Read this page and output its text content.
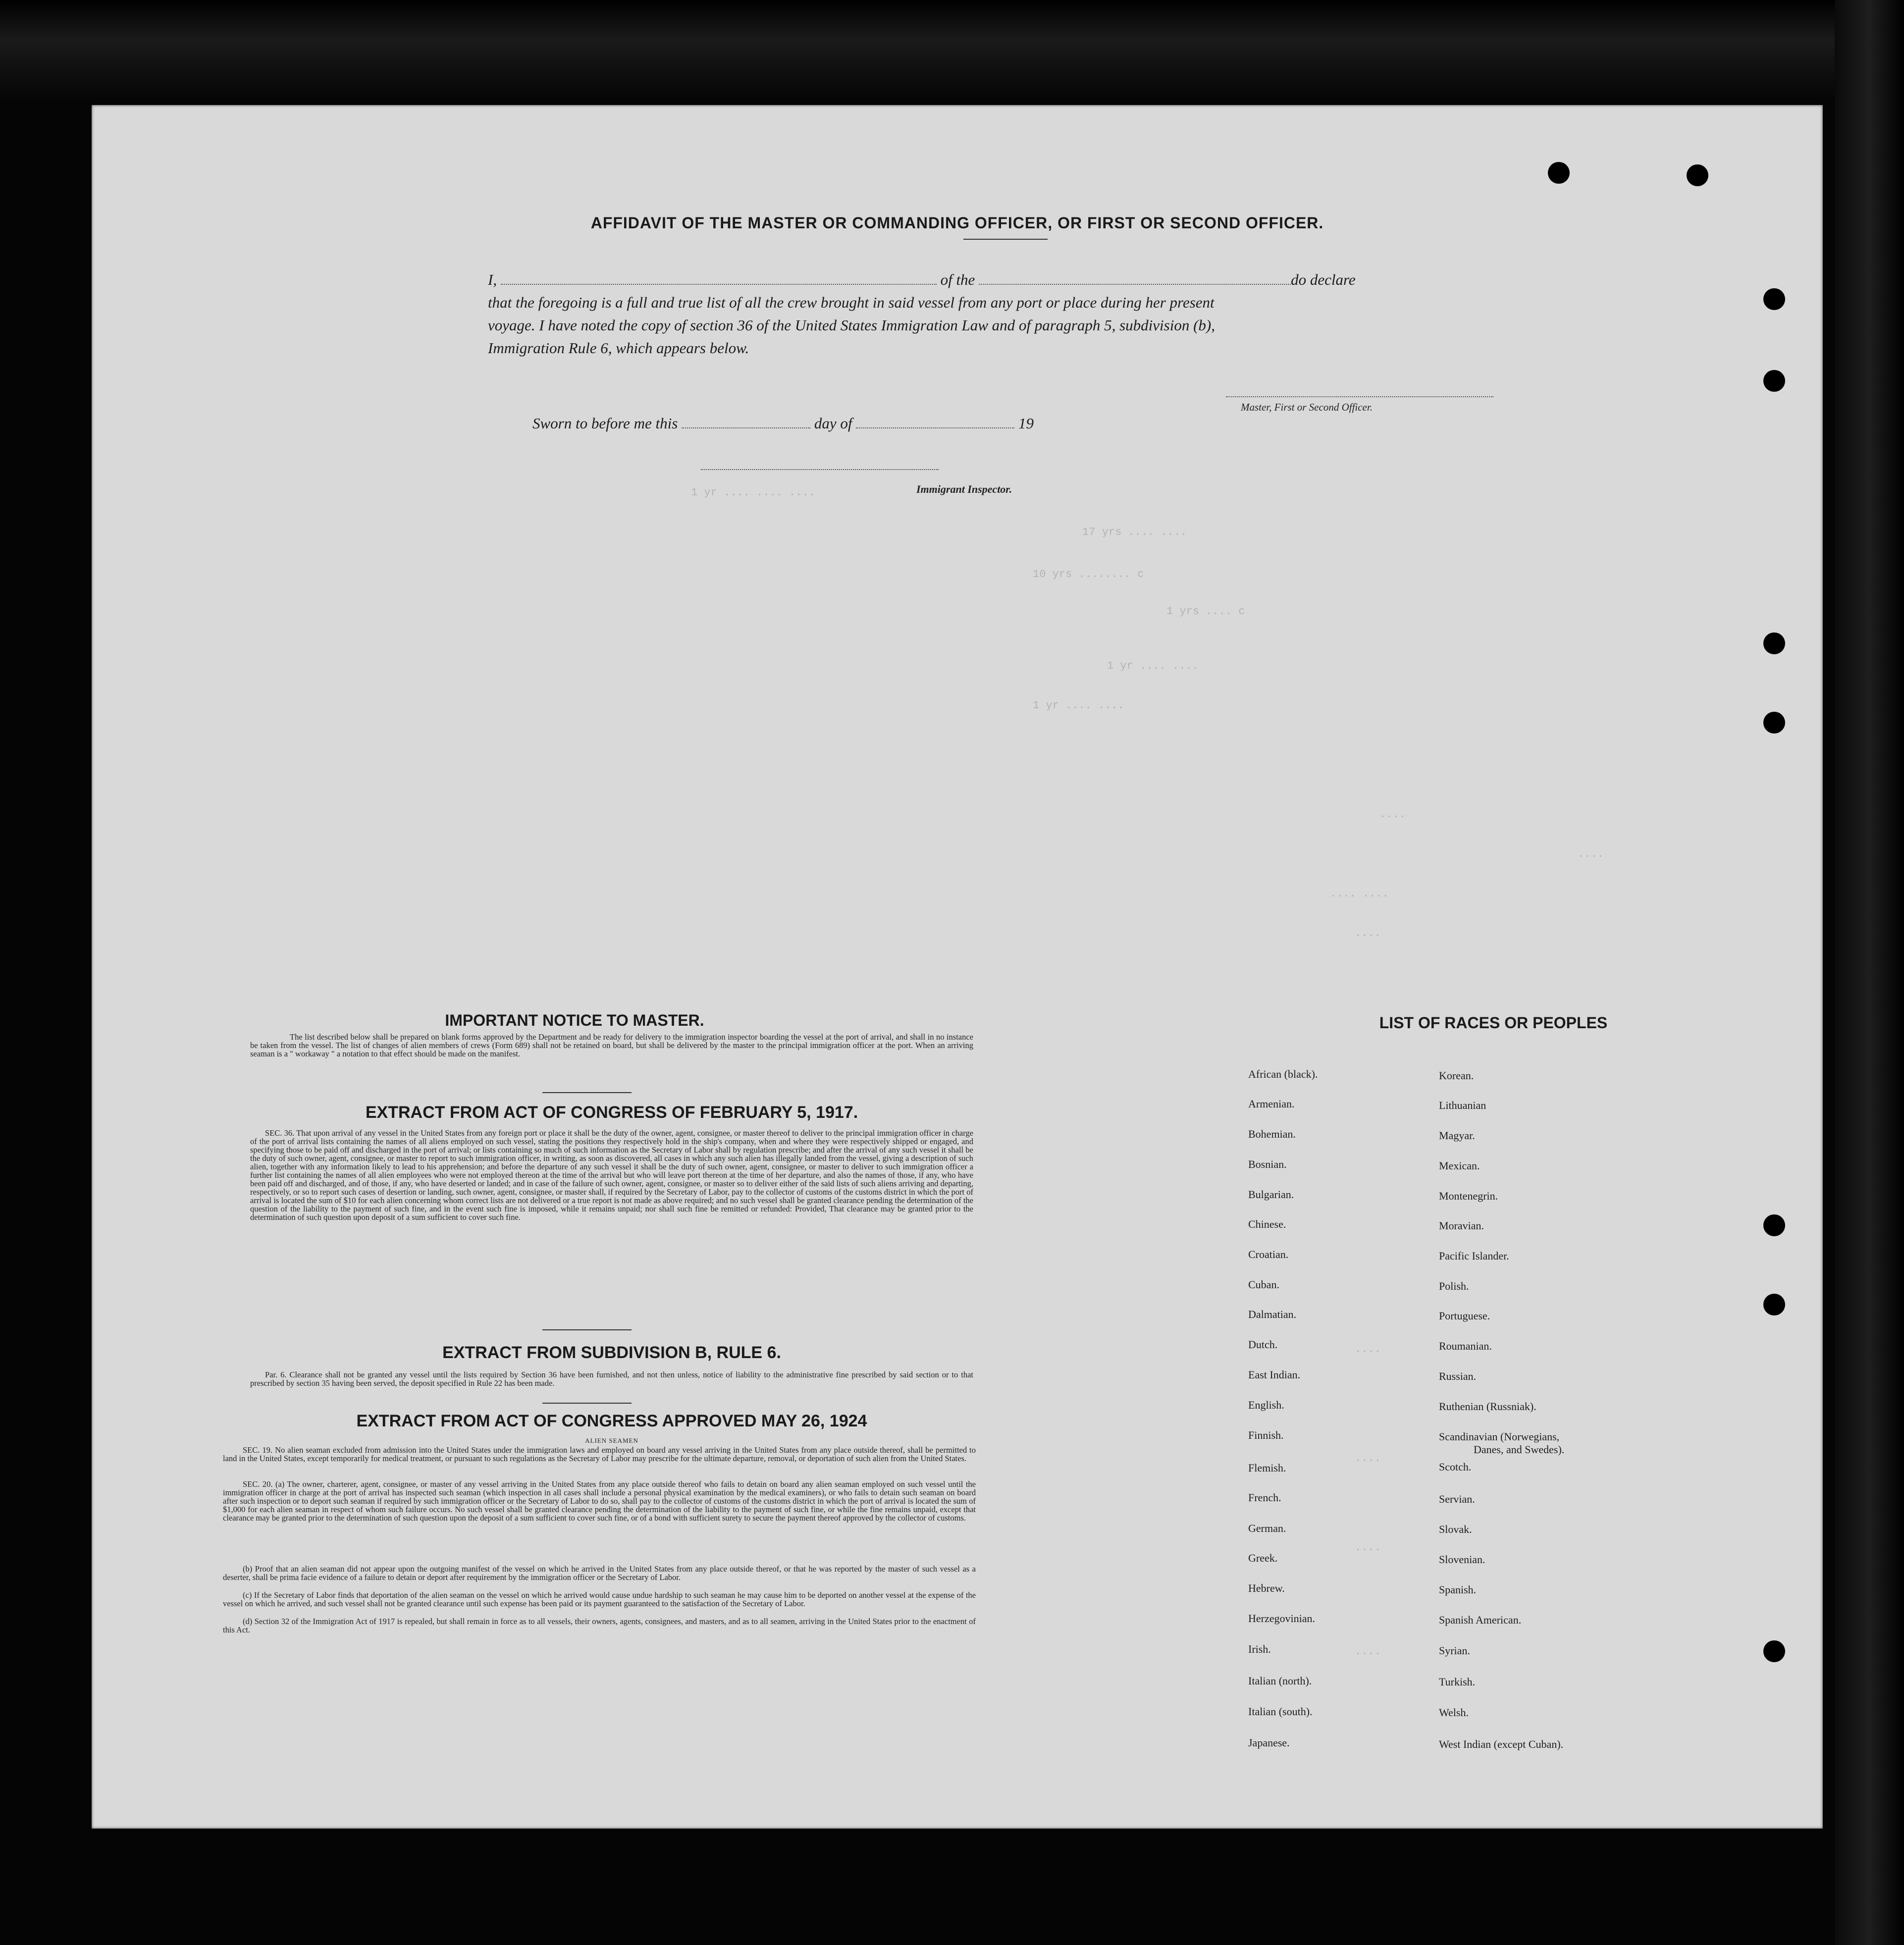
1 yr .... .... ....
17 yrs .... ....
10 yrs ........ c
1 yrs .... c
1 yr .... ....
1 yr .... ....
....
....
.... ....
....
....
....
....
....
AFFIDAVIT OF THE MASTER OR COMMANDING OFFICER, OR FIRST OR SECOND OFFICER.
I,	of the	do declare
that the foregoing is a full and true list of all the crew brought in said vessel from any port or place during her present
voyage. I have noted the copy of section 36 of the United States Immigration Law and of paragraph 5, subdivision (b),
Immigration Rule 6, which appears below.
Master, First or Second Officer.
Sworn to before me this	day of	19
Immigrant Inspector.
IMPORTANT NOTICE TO MASTER.
The list described below shall be prepared on blank forms approved by the Department and be ready for delivery to the immigration inspector boarding the vessel at the port of arrival, and shall in no instance be taken from the vessel. The list of changes of alien members of crews (Form 689) shall not be retained on board, but shall be delivered by the master to the principal immigration officer at the port. When an arriving seaman is a " workaway " a notation to that effect should be made on the manifest.
EXTRACT FROM ACT OF CONGRESS OF FEBRUARY 5, 1917.
SEC. 36. That upon arrival of any vessel in the United States from any foreign port or place it shall be the duty of the owner, agent, consignee, or master thereof to deliver to the principal immigration officer in charge of the port of arrival lists containing the names of all aliens employed on such vessel, stating the positions they respectively hold in the ship's company, when and where they were respectively shipped or engaged, and specifying those to be paid off and discharged in the port of arrival; or lists containing so much of such information as the Secretary of Labor shall by regulation prescribe; and after the arrival of any such vessel it shall be the duty of such owner, agent, consignee, or master to report to such immigration officer, in writing, as soon as discovered, all cases in which any such alien has illegally landed from the vessel, giving a description of such alien, together with any information likely to lead to his apprehension; and before the departure of any such vessel it shall be the duty of such owner, agent, consignee, or master to deliver to such immigration officer a further list containing the names of all alien employees who were not employed thereon at the time of the arrival but who will leave port thereon at the time of her departure, and also the names of those, if any, who have been paid off and discharged, and of those, if any, who have deserted or landed; and in case of the failure of such owner, agent, consignee, or master so to deliver either of the said lists of such aliens arriving and departing, respectively, or so to report such cases of desertion or landing, such owner, agent, consignee, or master shall, if required by the Secretary of Labor, pay to the collector of customs of the customs district in which the port of arrival is located the sum of $10 for each alien concerning whom correct lists are not delivered or a true report is not made as above required; and no such vessel shall be granted clearance pending the determination of the question of the liability to the payment of such fine, and in the event such fine is imposed, while it remains unpaid; nor shall such fine be remitted or refunded: Provided, That clearance may be granted prior to the determination of such question upon deposit of a sum sufficient to cover such fine.
EXTRACT FROM SUBDIVISION B, RULE 6.
Par. 6. Clearance shall not be granted any vessel until the lists required by Section 36 have been furnished, and not then unless, notice of liability to the administrative fine prescribed by said section or to that prescribed by section 35 having been served, the deposit specified in Rule 22 has been made.
EXTRACT FROM ACT OF CONGRESS APPROVED MAY 26, 1924
ALIEN SEAMEN
SEC. 19. No alien seaman excluded from admission into the United States under the immigration laws and employed on board any vessel arriving in the United States from any place outside thereof, shall be permitted to land in the United States, except temporarily for medical treatment, or pursuant to such regulations as the Secretary of Labor may prescribe for the ultimate departure, removal, or deportation of such alien from the United States.
SEC. 20. (a) The owner, charterer, agent, consignee, or master of any vessel arriving in the United States from any place outside thereof who fails to detain on board any alien seaman employed on such vessel until the immigration officer in charge at the port of arrival has inspected such seaman (which inspection in all cases shall include a personal physical examination by the medical examiners), or who fails to detain such seaman on board after such inspection or to deport such seaman if required by such immigration officer or the Secretary of Labor to do so, shall pay to the collector of customs of the customs district in which the port of arrival is located the sum of $1,000 for each alien seaman in respect of whom such failure occurs. No such vessel shall be granted clearance pending the determination of the liability to the payment of such fine, or while the fine remains unpaid, except that clearance may be granted prior to the determination of such question upon the deposit of a sum sufficient to cover such fine, or of a bond with sufficient surety to secure the payment thereof approved by the collector of customs.
(b) Proof that an alien seaman did not appear upon the outgoing manifest of the vessel on which he arrived in the United States from any place outside thereof, or that he was reported by the master of such vessel as a deserter, shall be prima facie evidence of a failure to detain or deport after requirement by the immigration officer or the Secretary of Labor.
(c) If the Secretary of Labor finds that deportation of the alien seaman on the vessel on which he arrived would cause undue hardship to such seaman he may cause him to be deported on another vessel at the expense of the vessel on which he arrived, and such vessel shall not be granted clearance until such expense has been paid or its payment guaranteed to the satisfaction of the Secretary of Labor.
(d) Section 32 of the Immigration Act of 1917 is repealed, but shall remain in force as to all vessels, their owners, agents, consignees, and masters, and as to all seamen, arriving in the United States prior to the enactment of this Act.
LIST OF RACES OR PEOPLES
African (black).
Armenian.
Bohemian.
Bosnian.
Bulgarian.
Chinese.
Croatian.
Cuban.
Dalmatian.
Dutch.
East Indian.
English.
Finnish.
Flemish.
French.
German.
Greek.
Hebrew.
Herzegovinian.
Irish.
Italian (north).
Italian (south).
Japanese.
Korean.
Lithuanian
Magyar.
Mexican.
Montenegrin.
Moravian.
Pacific Islander.
Polish.
Portuguese.
Roumanian.
Russian.
Ruthenian (Russniak).
Scandinavian (Norwegians,
Danes, and Swedes).
Scotch.
Servian.
Slovak.
Slovenian.
Spanish.
Spanish American.
Syrian.
Turkish.
Welsh.
West Indian (except Cuban).
